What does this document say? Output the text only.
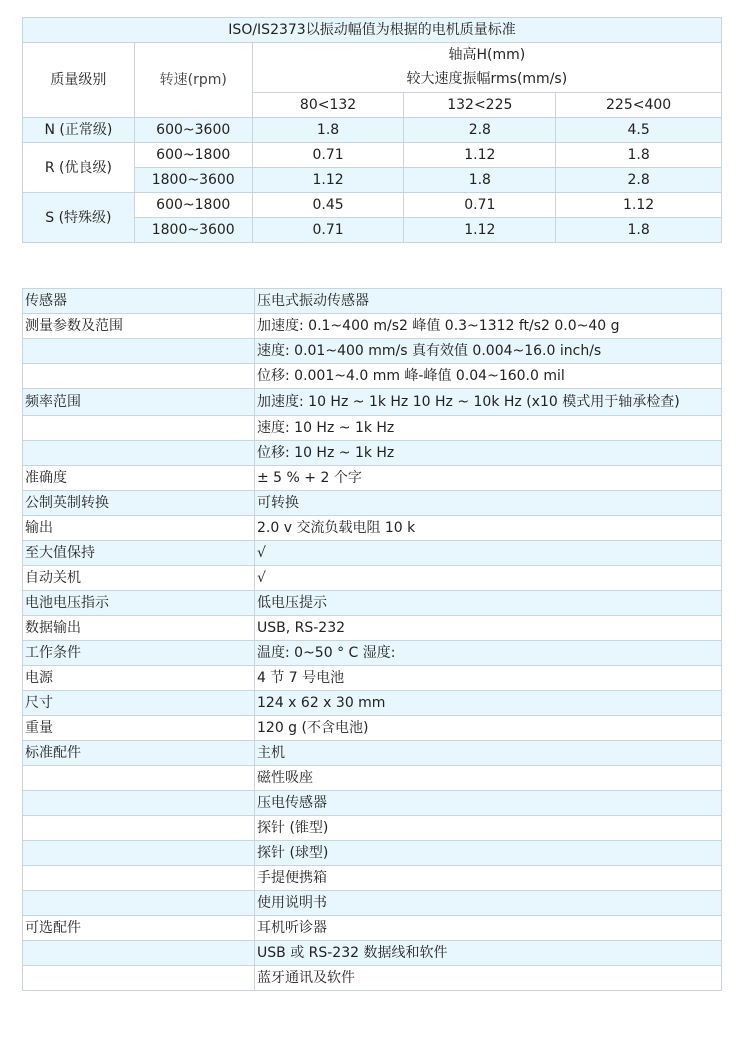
ISO/IS2373以振动幅值为根据的电机质量标准				
质量级别	转速(rpm)	轴高H(mm)		
		较大速度振幅rms(mm/s)		
		80<132	132<225	225<400
N (正常级)	600~3600	1.8	2.8	4.5
R (优良级)	600~1800	0.71	1.12	1.8
	1800~3600	1.12	1.8	2.8
S (特殊级)	600~1800	0.45	0.71	1.12
	1800~3600	0.71	1.12	1.8
传感器	压电式振动传感器
测量参数及范围	加速度: 0.1~400 m/s2 峰值 0.3~1312 ft/s2 0.0~40 g
	速度: 0.01~400 mm/s 真有效值 0.004~16.0 inch/s
	位移: 0.001~4.0 mm 峰-峰值 0.04~160.0 mil
频率范围	加速度: 10 Hz ~ 1k Hz 10 Hz ~ 10k Hz (x10 模式用于轴承检查)
	速度: 10 Hz ~ 1k Hz
	位移: 10 Hz ~ 1k Hz
准确度	± 5 % + 2 个字
公制英制转换	可转换
输出	2.0 v 交流负载电阻 10 k
至大值保持	√
自动关机	√
电池电压指示	低电压提示
数据输出	USB, RS-232
工作条件	温度: 0~50 ° C 湿度:
电源	4 节 7 号电池
尺寸	124 x 62 x 30 mm
重量	120 g (不含电池)
标准配件	主机
	磁性吸座
	压电传感器
	探针 (锥型)
	探针 (球型)
	手提便携箱
	使用说明书
可选配件	耳机听诊器
	USB 或 RS-232 数据线和软件
	蓝牙通讯及软件
